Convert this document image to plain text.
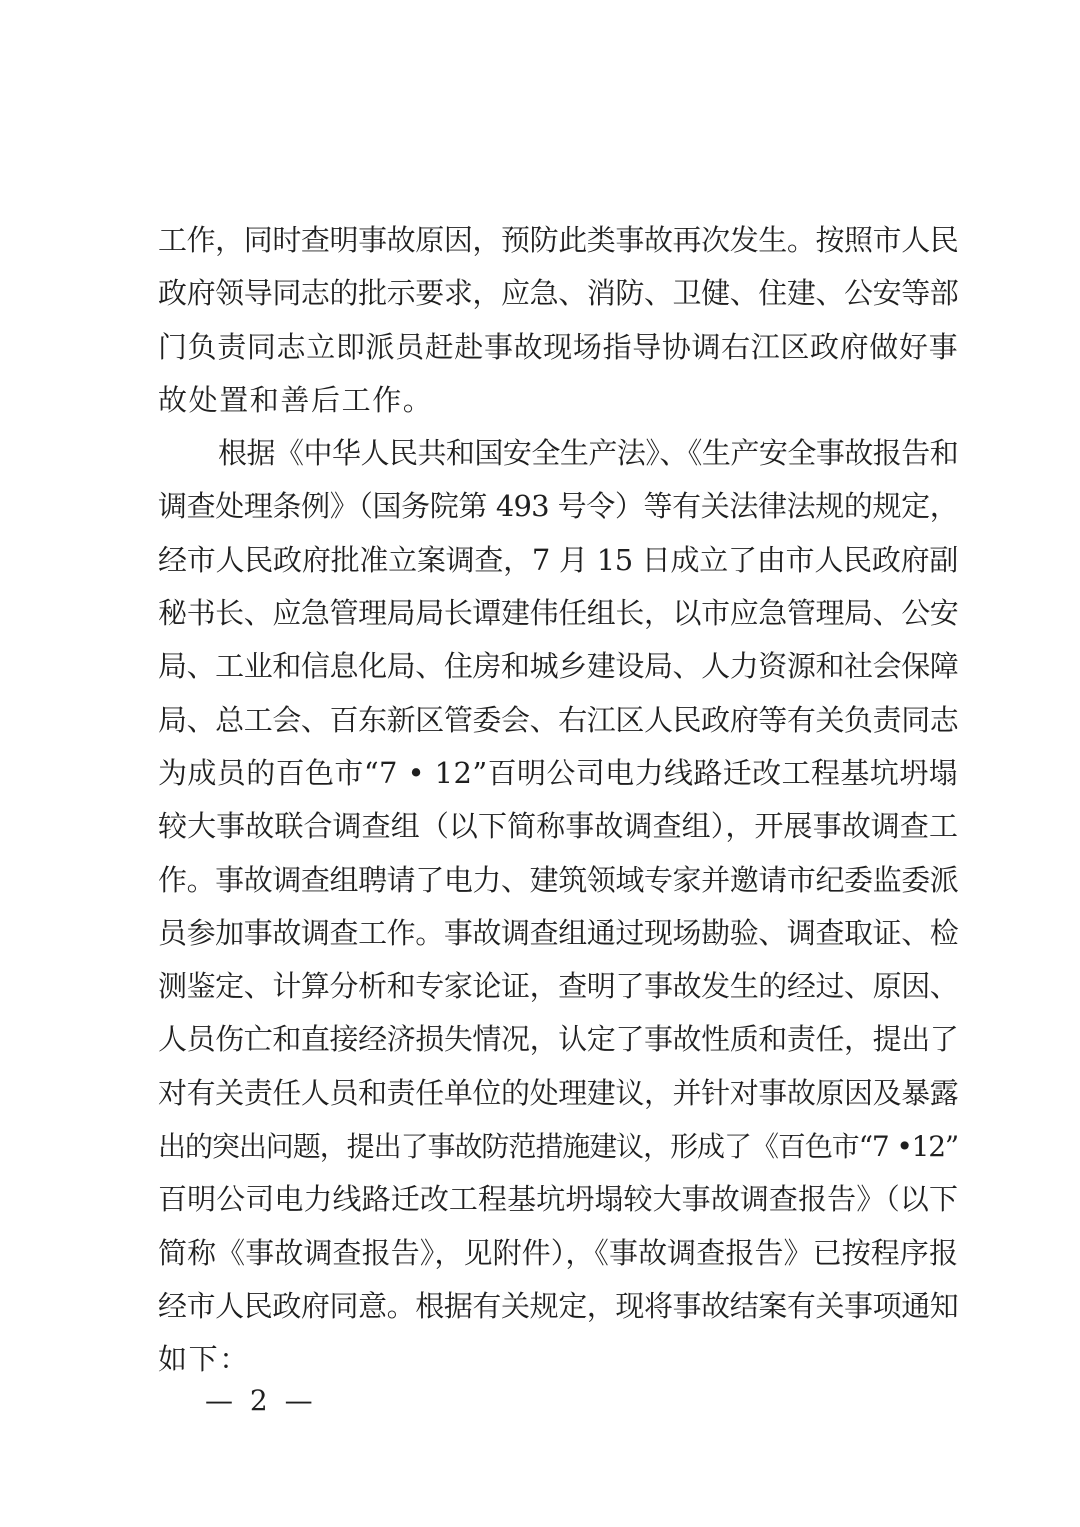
工作，同时查明事故原因，预防此类事故再次发生。按照市人民
政府领导同志的批示要求，应急、消防、卫健、住建、公安等部
门负责同志立即派员赶赴事故现场指导协调右江区政府做好事
故处置和善后工作。
根据《中华人民共和国安全生产法》、《生产安全事故报告和
调查处理条例》（国务院第 493 号令）等有关法律法规的规定，
经市人民政府批准立案调查，7 月 15 日成立了由市人民政府副
秘书长、应急管理局局长谭建伟任组长，以市应急管理局、公安
局、工业和信息化局、住房和城乡建设局、人力资源和社会保障
局、总工会、百东新区管委会、右江区人民政府等有关负责同志
为成员的百色市“7 • 12”百明公司电力线路迁改工程基坑坍塌
较大事故联合调查组（以下简称事故调查组），开展事故调查工
作。事故调查组聘请了电力、建筑领域专家并邀请市纪委监委派
员参加事故调查工作。事故调查组通过现场勘验、调查取证、检
测鉴定、计算分析和专家论证，查明了事故发生的经过、原因、
人员伤亡和直接经济损失情况，认定了事故性质和责任，提出了
对有关责任人员和责任单位的处理建议，并针对事故原因及暴露
出的突出问题，提出了事故防范措施建议，形成了《百色市“7 •12”
百明公司电力线路迁改工程基坑坍塌较大事故调查报告》（以下
简称《事故调查报告》，见附件），《事故调查报告》已按程序报
经市人民政府同意。根据有关规定，现将事故结案有关事项通知
如下：
— 2 —
